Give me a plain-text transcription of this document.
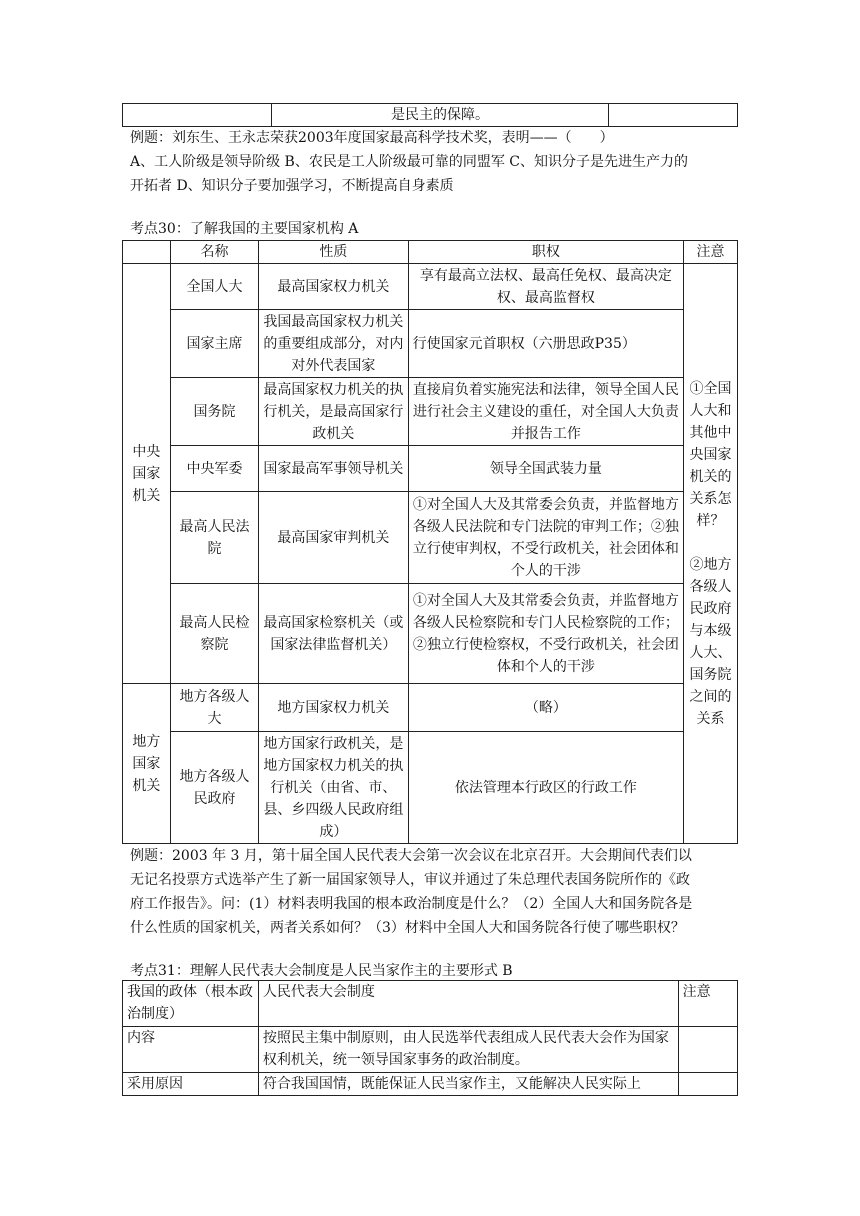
	是民主的保障。	

例题：刘东生、王永志荣获2003年度国家最高科学技术奖，表明——（　　）

A、工人阶级是领导阶级 B、农民是工人阶级最可靠的同盟军 C、知识分子是先进生产力的

开拓者 D、知识分子要加强学习，不断提高自身素质

考点30：了解我国的主要国家机构 A

	名称	性质	职权	注意
中央国家机关	全国人大	最高国家权力机关	享有最高立法权、最高任免权、最高决定权、最高监督权	①全国人大和其他中央国家机关的关系怎样？
②地方各级人民政府与本级人大、国务院之间的关系

	国家主席	我国最高国家权力机关的重要组成部分，对内对外代表国家	行使国家元首职权（六册思政P35）	
	国务院	最高国家权力机关的执行机关，是最高国家行政机关	直接肩负着实施宪法和法律，领导全国人民进行社会主义建设的重任，对全国人大负责并报告工作	
	中央军委	国家最高军事领导机关	领导全国武装力量	
	最高人民法院	最高国家审判机关	①对全国人大及其常委会负责，并监督地方各级人民法院和专门法院的审判工作；②独立行使审判权，不受行政机关，社会团体和个人的干涉	
	最高人民检察院	最高国家检察机关（或国家法律监督机关）	①对全国人大及其常委会负责，并监督地方各级人民检察院和专门人民检察院的工作；②独立行使检察权，不受行政机关，社会团体和个人的干涉	
地方国家机关	地方各级人大	地方国家权力机关	（略）	
	地方各级人民政府	地方国家行政机关，是地方国家权力机关的执行机关（由省、市、县、乡四级人民政府组成）	依法管理本行政区的行政工作	

例题：2003 年 3 月，第十届全国人民代表大会第一次会议在北京召开。大会期间代表们以

无记名投票方式选举产生了新一届国家领导人，审议并通过了朱总理代表国务院所作的《政

府工作报告》。问：(1）材料表明我国的根本政治制度是什么？（2）全国人大和国务院各是

什么性质的国家机关，两者关系如何？（3）材料中全国人大和国务院各行使了哪些职权？

考点31：理解人民代表大会制度是人民当家作主的主要形式 B

我国的政体（根本政治制度）	人民代表大会制度	注意
内容	按照民主集中制原则，由人民选举代表组成人民代表大会作为国家权利机关，统一领导国家事务的政治制度。	
采用原因	符合我国国情，既能保证人民当家作主，又能解决人民实际上	
